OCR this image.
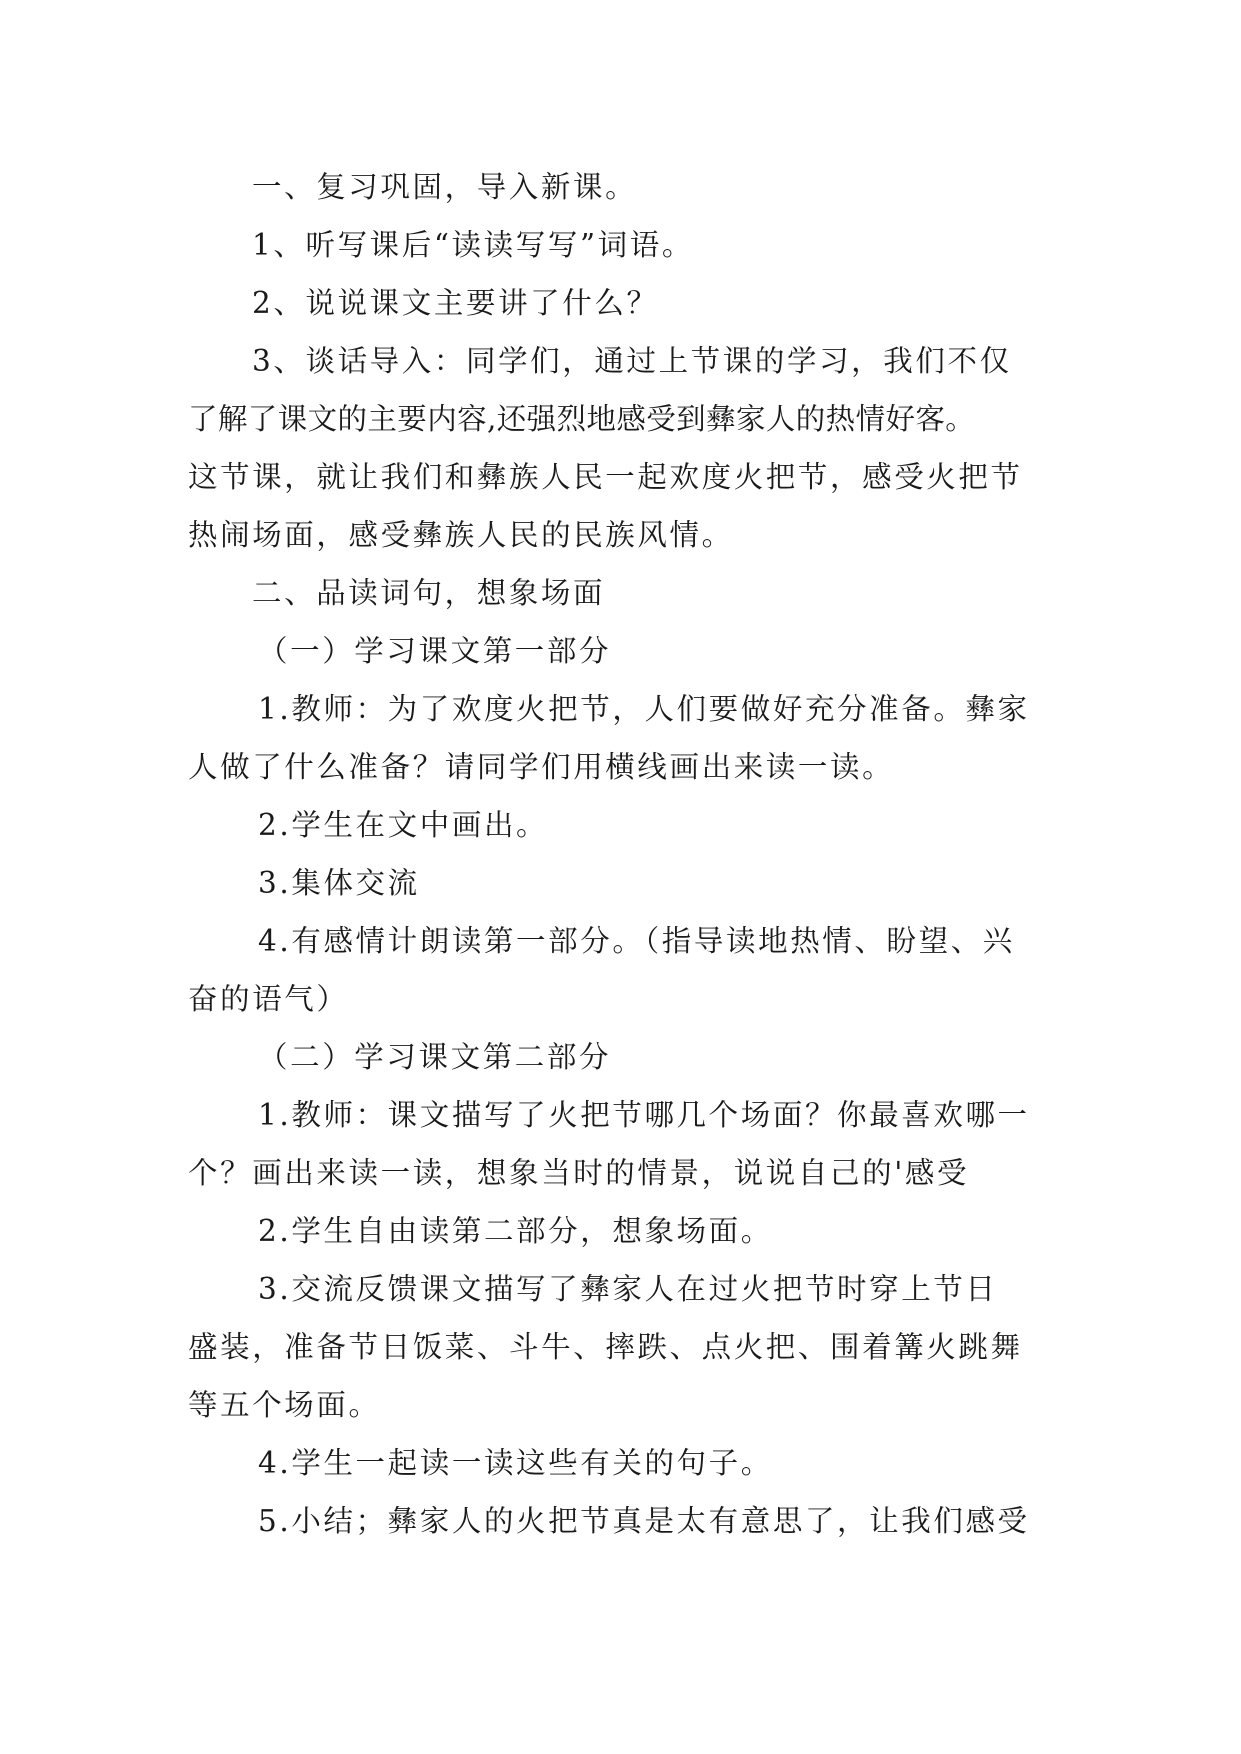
一、复习巩固，导入新课。

1、听写课后“读读写写”词语。

2、说说课文主要讲了什么？

3、谈话导入：同学们，通过上节课的学习，我们不仅

了解了课文的主要内容,还强烈地感受到彝家人的热情好客。

这节课，就让我们和彝族人民一起欢度火把节，感受火把节

热闹场面，感受彝族人民的民族风情。

二、品读词句，想象场面

（一）学习课文第一部分

1.教师：为了欢度火把节，人们要做好充分准备。彝家

人做了什么准备？请同学们用横线画出来读一读。

2.学生在文中画出。

3.集体交流

4.有感情计朗读第一部分。（指导读地热情、盼望、兴

奋的语气）

（二）学习课文第二部分

1.教师：课文描写了火把节哪几个场面？你最喜欢哪一

个？画出来读一读，想象当时的情景，说说自己的'感受

2.学生自由读第二部分，想象场面。

3.交流反馈课文描写了彝家人在过火把节时穿上节日

盛装，准备节日饭菜、斗牛、摔跌、点火把、围着篝火跳舞

等五个场面。

4.学生一起读一读这些有关的句子。

5.小结；彝家人的火把节真是太有意思了，让我们感受
